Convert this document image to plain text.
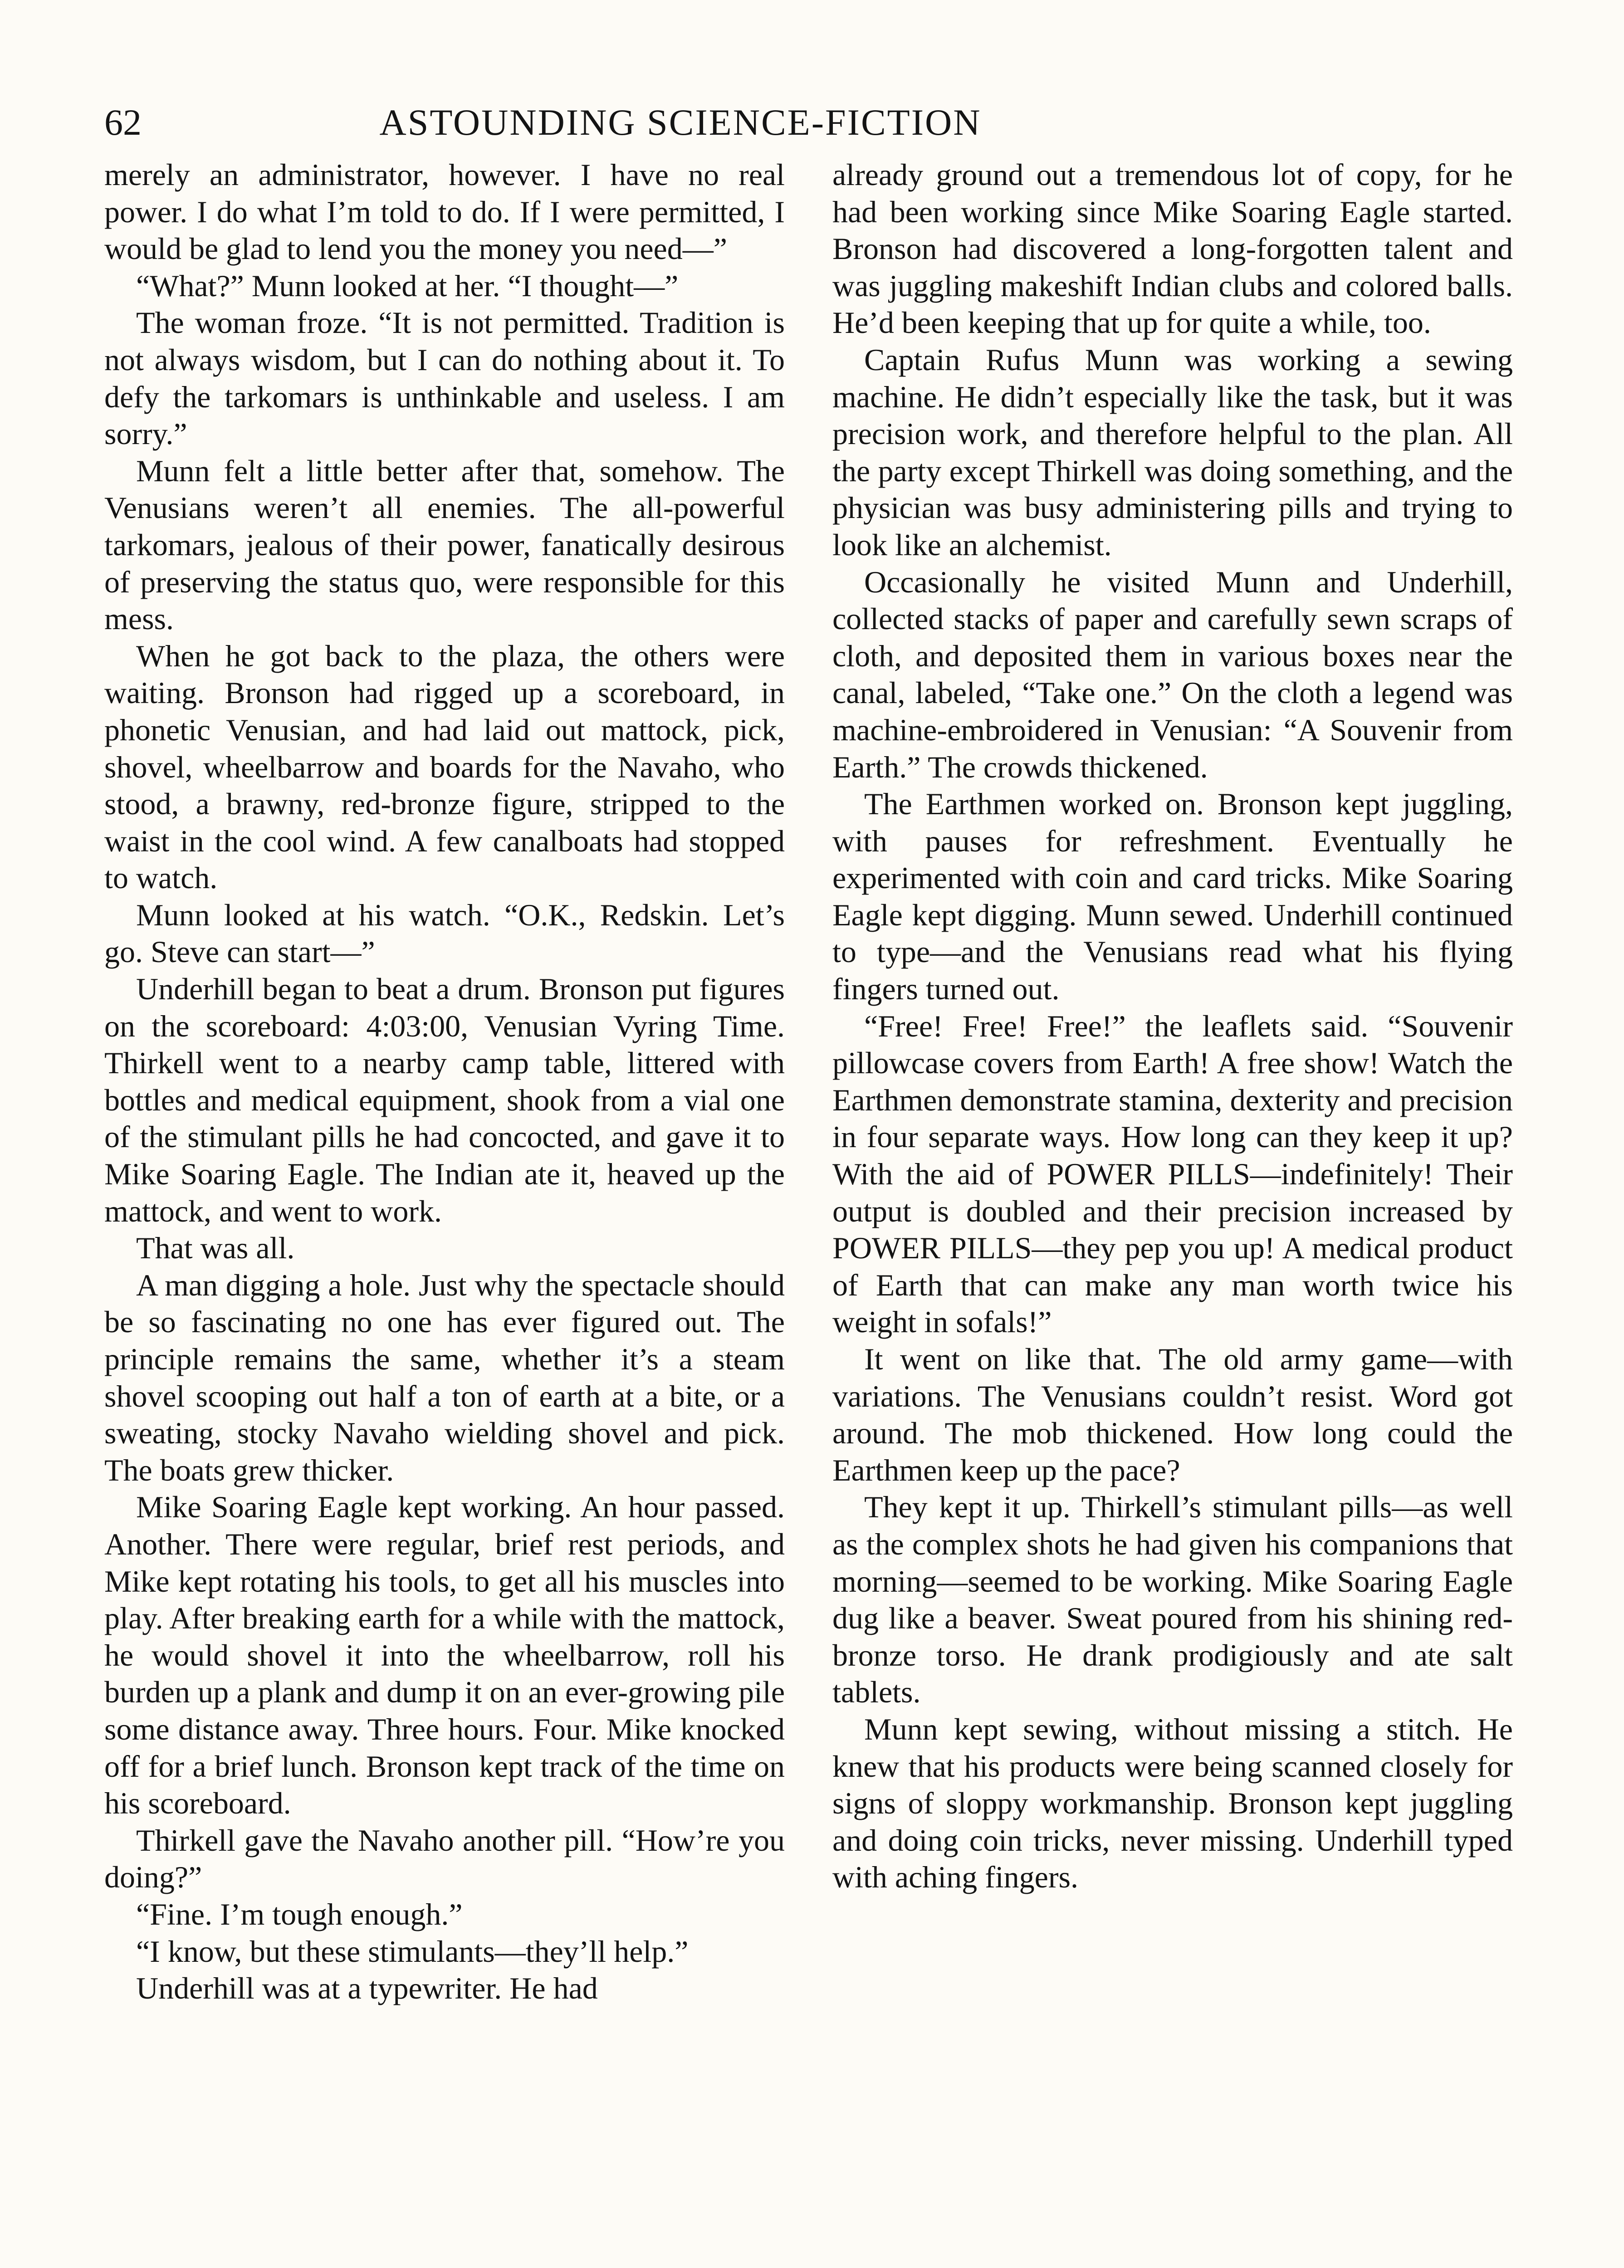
62	ASTOUNDING SCIENCE-FICTION

merely an administrator, however. I have no real power. I do what I’m told to do. If I were permitted, I would be glad to lend you the money you need—”

“What?” Munn looked at her. “I thought—”

The woman froze. “It is not permitted. Tradition is not always wisdom, but I can do nothing about it. To defy the tarkomars is unthinkable and useless. I am sorry.”

Munn felt a little better after that, somehow. The Venusians weren’t all enemies. The all-powerful tarkomars, jealous of their power, fanatically desirous of preserving the status quo, were responsible for this mess.

When he got back to the plaza, the others were waiting. Bronson had rigged up a scoreboard, in phonetic Venusian, and had laid out mattock, pick, shovel, wheelbarrow and boards for the Navaho, who stood, a brawny, red-bronze figure, stripped to the waist in the cool wind. A few canalboats had stopped to watch.

Munn looked at his watch. “O.K., Redskin. Let’s go. Steve can start—”

Underhill began to beat a drum. Bronson put figures on the scoreboard: 4:03:00, Venusian Vyring Time. Thirkell went to a nearby camp table, littered with bottles and medical equipment, shook from a vial one of the stimulant pills he had concocted, and gave it to Mike Soaring Eagle. The Indian ate it, heaved up the mattock, and went to work.

That was all.

A man digging a hole. Just why the spectacle should be so fascinating no one has ever figured out. The principle remains the same, whether it’s a steam shovel scooping out half a ton of earth at a bite, or a sweating, stocky Navaho wielding shovel and pick. The boats grew thicker.

Mike Soaring Eagle kept working. An hour passed. Another. There were regular, brief rest periods, and Mike kept rotating his tools, to get all his muscles into play. After breaking earth for a while with the mattock, he would shovel it into the wheelbarrow, roll his burden up a plank and dump it on an ever-growing pile some distance away. Three hours. Four. Mike knocked off for a brief lunch. Bronson kept track of the time on his scoreboard.

Thirkell gave the Navaho another pill. “How’re you doing?”

“Fine. I’m tough enough.”

“I know, but these stimulants—they’ll help.”

Underhill was at a typewriter. He had

already ground out a tremendous lot of copy, for he had been working since Mike Soaring Eagle started. Bronson had discovered a long-forgotten talent and was juggling makeshift Indian clubs and colored balls. He’d been keeping that up for quite a while, too.

Captain Rufus Munn was working a sewing machine. He didn’t especially like the task, but it was precision work, and therefore helpful to the plan. All the party except Thirkell was doing something, and the physician was busy administering pills and trying to look like an alchemist.

Occasionally he visited Munn and Underhill, collected stacks of paper and carefully sewn scraps of cloth, and deposited them in various boxes near the canal, labeled, “Take one.” On the cloth a legend was machine-embroidered in Venusian: “A Souvenir from Earth.” The crowds thickened.

The Earthmen worked on. Bronson kept juggling, with pauses for refreshment. Eventually he experimented with coin and card tricks. Mike Soaring Eagle kept digging. Munn sewed. Underhill continued to type—and the Venusians read what his flying fingers turned out.

“Free! Free! Free!” the leaflets said. “Souvenir pillowcase covers from Earth! A free show! Watch the Earthmen demonstrate stamina, dexterity and precision in four separate ways. How long can they keep it up? With the aid of POWER PILLS—indefinitely! Their output is doubled and their precision increased by POWER PILLS—they pep you up! A medical product of Earth that can make any man worth twice his weight in sofals!”

It went on like that. The old army game—with variations. The Venusians couldn’t resist. Word got around. The mob thickened. How long could the Earthmen keep up the pace?

They kept it up. Thirkell’s stimulant pills—as well as the complex shots he had given his companions that morning—seemed to be working. Mike Soaring Eagle dug like a beaver. Sweat poured from his shining red-bronze torso. He drank prodigiously and ate salt tablets.

Munn kept sewing, without missing a stitch. He knew that his products were being scanned closely for signs of sloppy workmanship. Bronson kept juggling and doing coin tricks, never missing. Underhill typed with aching fingers.
